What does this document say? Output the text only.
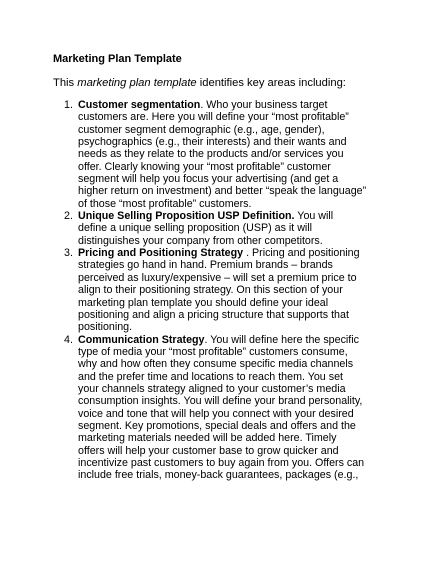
Marketing Plan Template
This marketing plan template identifies key areas including:
1. Customer segmentation. Who your business target
customers are. Here you will define your “most profitable”
customer segment demographic (e.g., age, gender),
psychographics (e.g., their interests) and their wants and
needs as they relate to the products and/or services you
offer. Clearly knowing your “most profitable” customer
segment will help you focus your advertising (and get a
higher return on investment) and better “speak the language”
of those “most profitable” customers.
2. Unique Selling Proposition USP Definition. You will
define a unique selling proposition (USP) as it will
distinguishes your company from other competitors.
3. Pricing and Positioning Strategy . Pricing and positioning
strategies go hand in hand. Premium brands – brands
perceived as luxury/expensive – will set a premium price to
align to their positioning strategy. On this section of your
marketing plan template you should define your ideal
positioning and align a pricing structure that supports that
positioning.
4. Communication Strategy. You will define here the specific
type of media your “most profitable” customers consume,
why and how often they consume specific media channels
and the prefer time and locations to reach them. You set
your channels strategy aligned to your customer’s media
consumption insights. You will define your brand personality,
voice and tone that will help you connect with your desired
segment. Key promotions, special deals and offers and the
marketing materials needed will be added here. Timely
offers will help your customer base to grow quicker and
incentivize past customers to buy again from you. Offers can
include free trials, money-back guarantees, packages (e.g.,
